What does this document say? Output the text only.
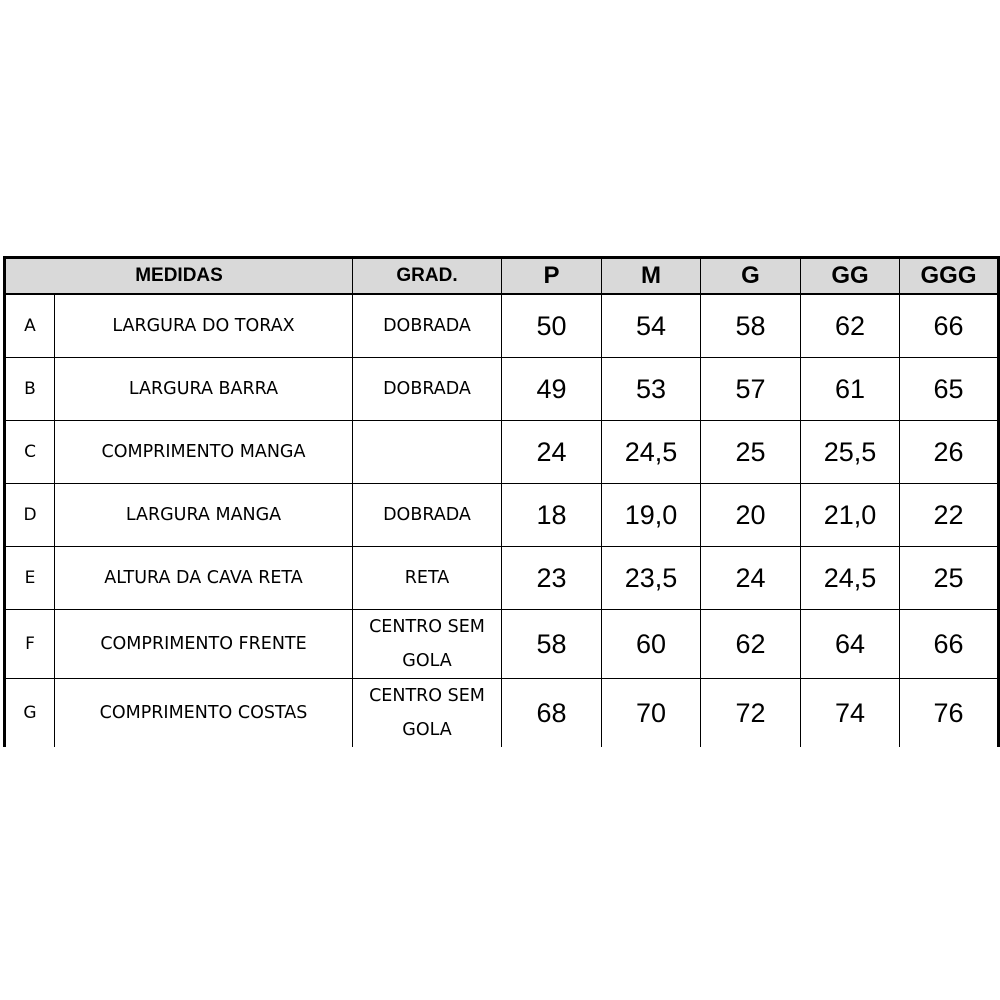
MEDIDAS		GRAD.	P	M	G	GG	GGG
A	LARGURA DO TORAX	DOBRADA	50	54	58	62	66
B	LARGURA BARRA	DOBRADA	49	53	57	61	65
C	COMPRIMENTO MANGA		24	24,5	25	25,5	26
D	LARGURA MANGA	DOBRADA	18	19,0	20	21,0	22
E	ALTURA DA CAVA RETA	RETA	23	23,5	24	24,5	25
F	COMPRIMENTO FRENTE	CENTRO SEM GOLA	58	60	62	64	66
G	COMPRIMENTO COSTAS	CENTRO SEM GOLA	68	70	72	74	76
